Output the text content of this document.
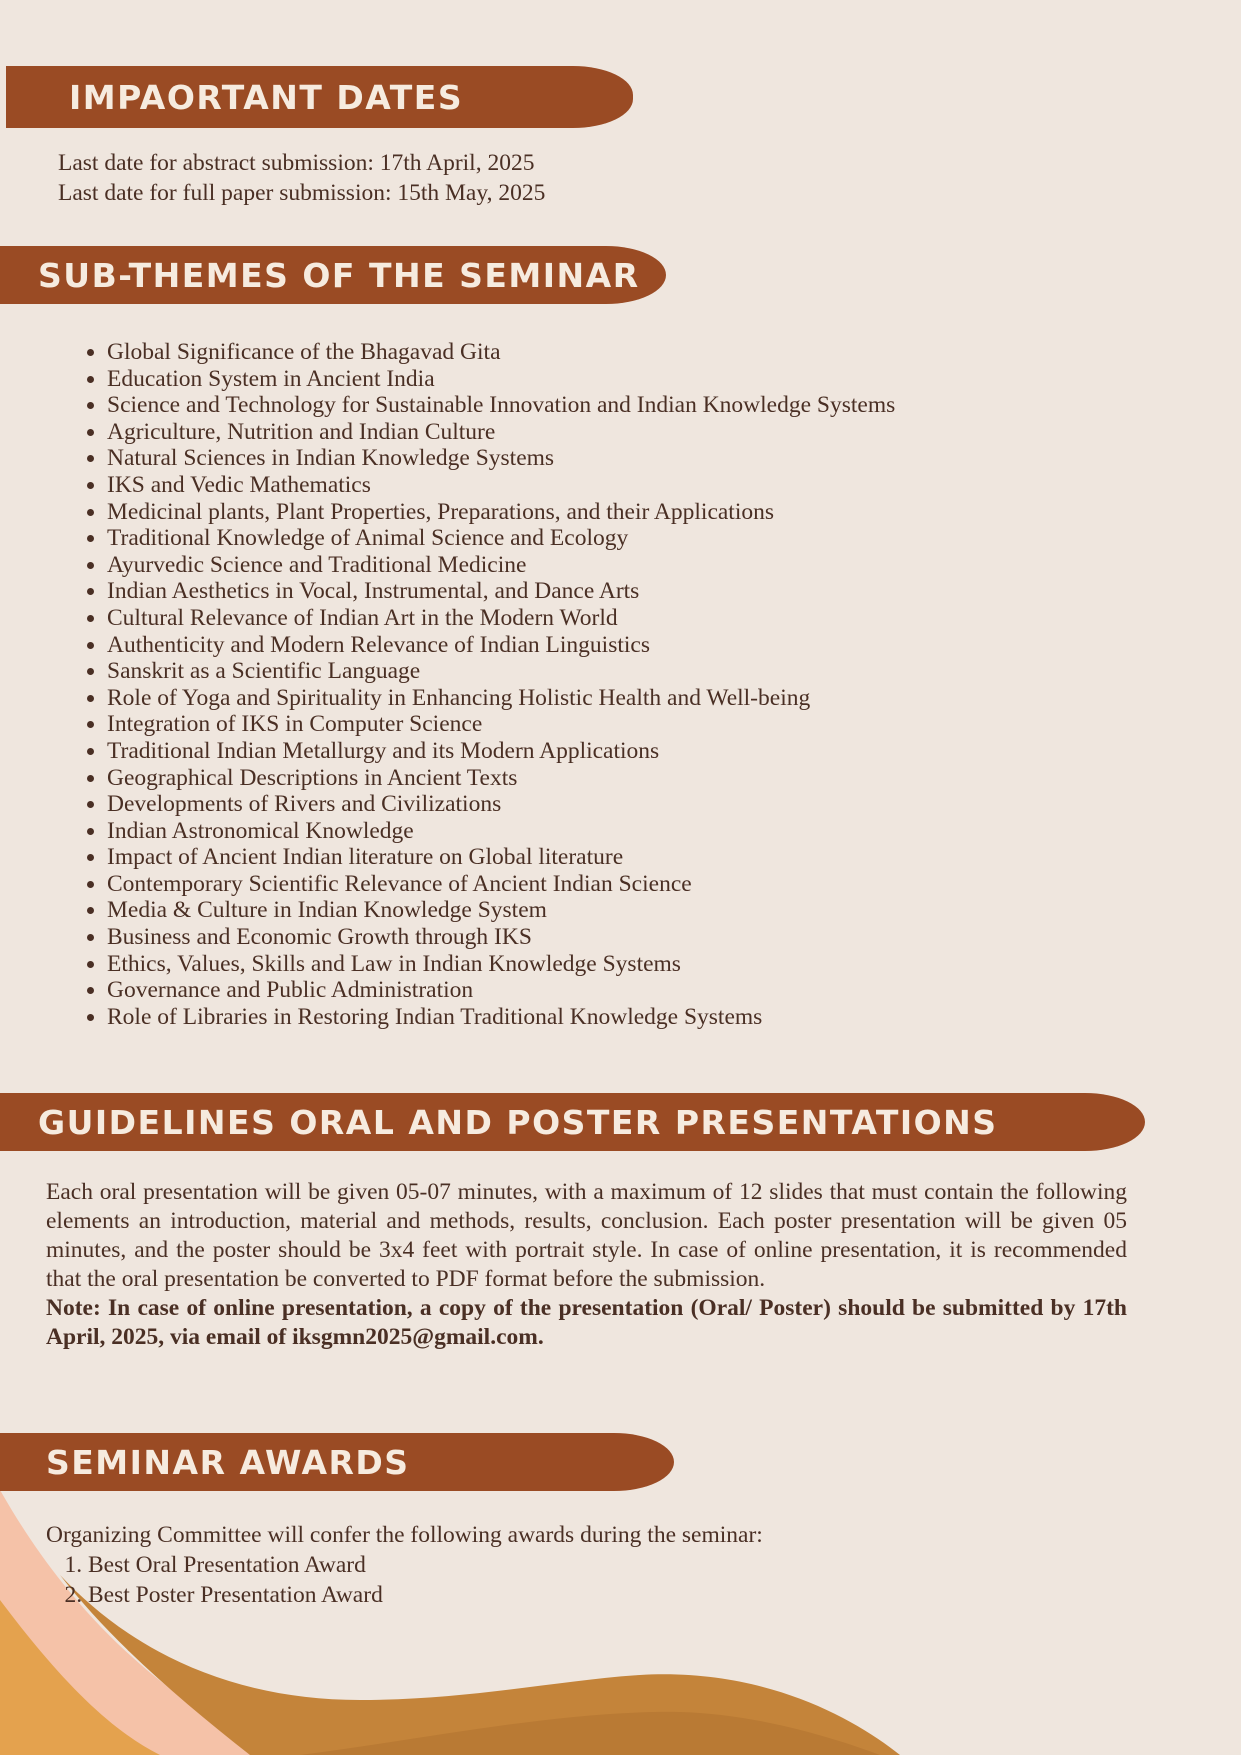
IMPAORTANT DATES
Last date for abstract submission: 17th April, 2025
Last date for full paper submission: 15th May, 2025
SUB-THEMES OF THE SEMINAR
• Global Significance of the Bhagavad Gita
• Education System in Ancient India
• Science and Technology for Sustainable Innovation and Indian Knowledge Systems
• Agriculture, Nutrition and Indian Culture
• Natural Sciences in Indian Knowledge Systems
• IKS and Vedic Mathematics
• Medicinal plants, Plant Properties, Preparations, and their Applications
• Traditional Knowledge of Animal Science and Ecology
• Ayurvedic Science and Traditional Medicine
• Indian Aesthetics in Vocal, Instrumental, and Dance Arts
• Cultural Relevance of Indian Art in the Modern World
• Authenticity and Modern Relevance of Indian Linguistics
• Sanskrit as a Scientific Language
• Role of Yoga and Spirituality in Enhancing Holistic Health and Well-being
• Integration of IKS in Computer Science
• Traditional Indian Metallurgy and its Modern Applications
• Geographical Descriptions in Ancient Texts
• Developments of Rivers and Civilizations
• Indian Astronomical Knowledge
• Impact of Ancient Indian literature on Global literature
• Contemporary Scientific Relevance of Ancient Indian Science
• Media & Culture in Indian Knowledge System
• Business and Economic Growth through IKS
• Ethics, Values, Skills and Law in Indian Knowledge Systems
• Governance and Public Administration
• Role of Libraries in Restoring Indian Traditional Knowledge Systems
GUIDELINES ORAL AND POSTER PRESENTATIONS
Each oral presentation will be given 05-07 minutes, with a maximum of 12 slides that must contain the following elements an introduction, material and methods, results, conclusion. Each poster presentation will be given 05 minutes, and the poster should be 3x4 feet with portrait style. In case of online presentation, it is recommended that the oral presentation be converted to PDF format before the submission.
Note: In case of online presentation, a copy of the presentation (Oral/ Poster) should be submitted by 17th April, 2025, via email of iksgmn2025@gmail.com.
SEMINAR AWARDS
Organizing Committee will confer the following awards during the seminar:
1. Best Oral Presentation Award
2. Best Poster Presentation Award
